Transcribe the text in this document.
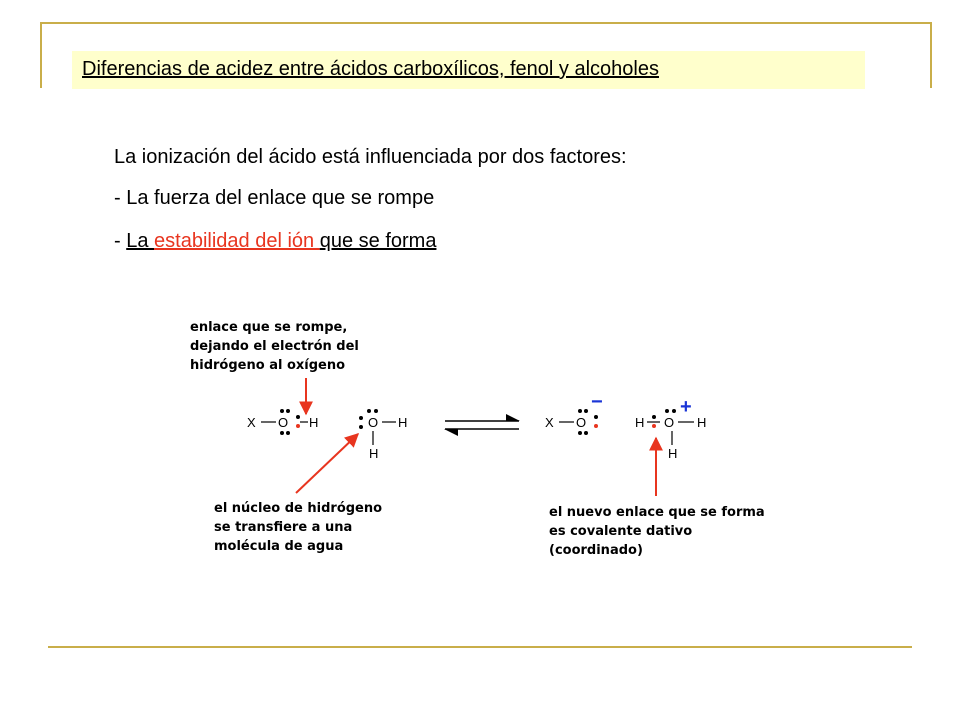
Diferencias de acidez entre ácidos carboxílicos, fenol y alcoholes
La ionización del ácido está influenciada por dos factores:
- La fuerza del enlace que se rompe
- La estabilidad del ión que se forma
enlace que se rompe,
dejando el electrón del
hidrógeno al oxígeno
X O H	O H
H
X O
−
H O H
H
+
el núcleo de hidrógeno
se transfiere a una
molécula de agua
el nuevo enlace que se forma
es covalente dativo
(coordinado)
